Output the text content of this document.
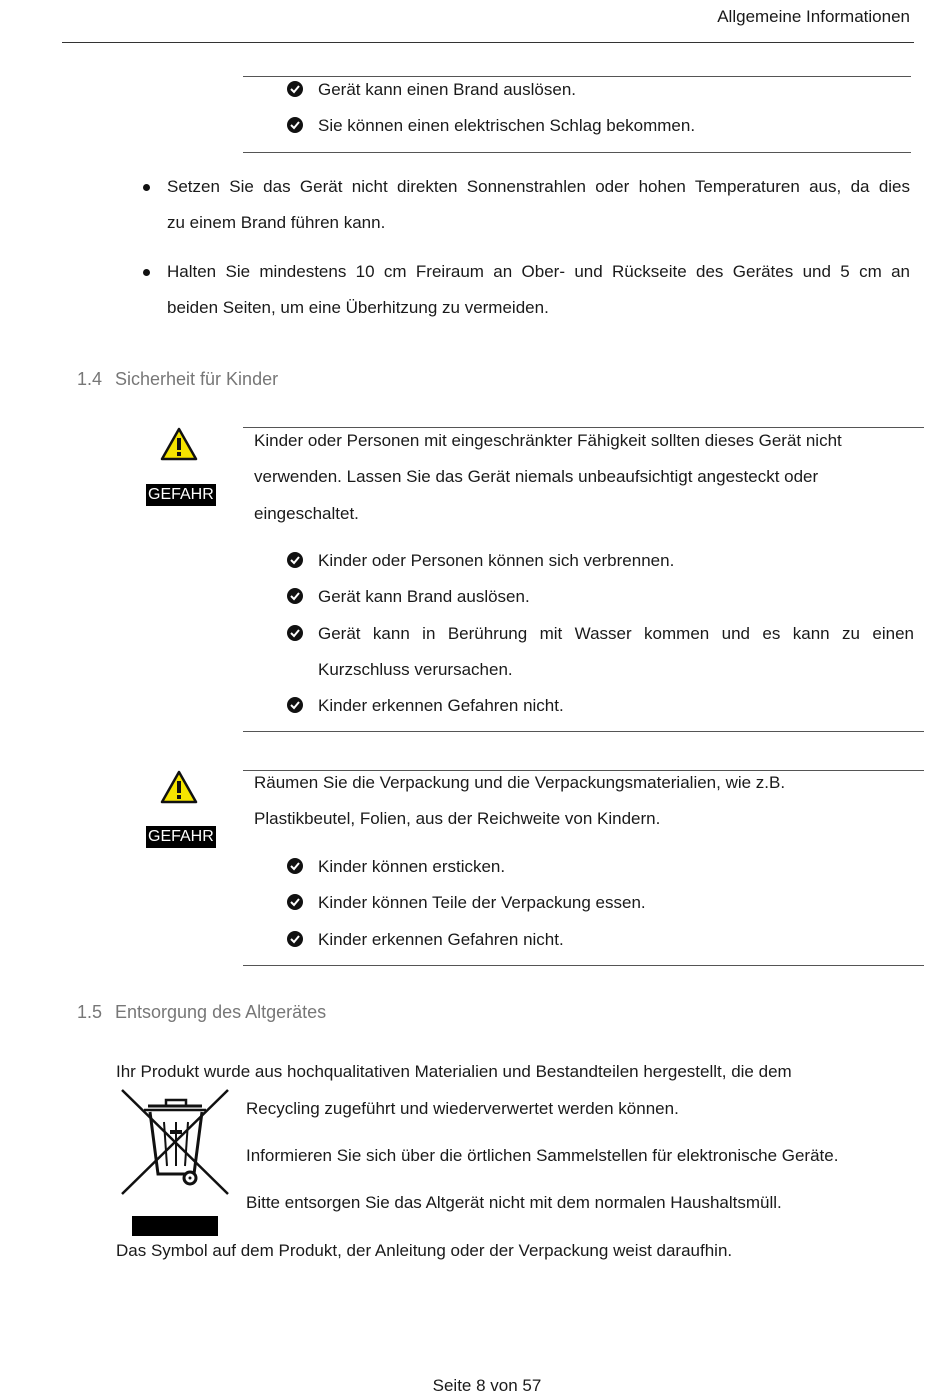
Allgemeine Informationen
Gerät kann einen Brand auslösen.
Sie können einen elektrischen Schlag bekommen.
Setzen Sie das Gerät nicht direkten Sonnenstrahlen oder hohen Temperaturen aus, da dies
zu einem Brand führen kann.
Halten Sie mindestens 10 cm Freiraum an Ober- und Rückseite des Gerätes und 5 cm an
beiden Seiten, um eine Überhitzung zu vermeiden.
1.4 Sicherheit für Kinder
GEFAHR
Kinder oder Personen mit eingeschränkter Fähigkeit sollten dieses Gerät nicht
verwenden. Lassen Sie das Gerät niemals unbeaufsichtigt angesteckt oder
eingeschaltet.
Kinder oder Personen können sich verbrennen.
Gerät kann Brand auslösen.
Gerät kann in Berührung mit Wasser kommen und es kann zu einen
Kurzschluss verursachen.
Kinder erkennen Gefahren nicht.
GEFAHR
Räumen Sie die Verpackung und die Verpackungsmaterialien, wie z.B.
Plastikbeutel, Folien, aus der Reichweite von Kindern.
Kinder können ersticken.
Kinder können Teile der Verpackung essen.
Kinder erkennen Gefahren nicht.
1.5 Entsorgung des Altgerätes
Ihr Produkt wurde aus hochqualitativen Materialien und Bestandteilen hergestellt, die dem
Recycling zugeführt und wiederverwertet werden können.
Informieren Sie sich über die örtlichen Sammelstellen für elektronische Geräte.
Bitte entsorgen Sie das Altgerät nicht mit dem normalen Haushaltsmüll.
Das Symbol auf dem Produkt, der Anleitung oder der Verpackung weist daraufhin.
Seite 8 von 57
